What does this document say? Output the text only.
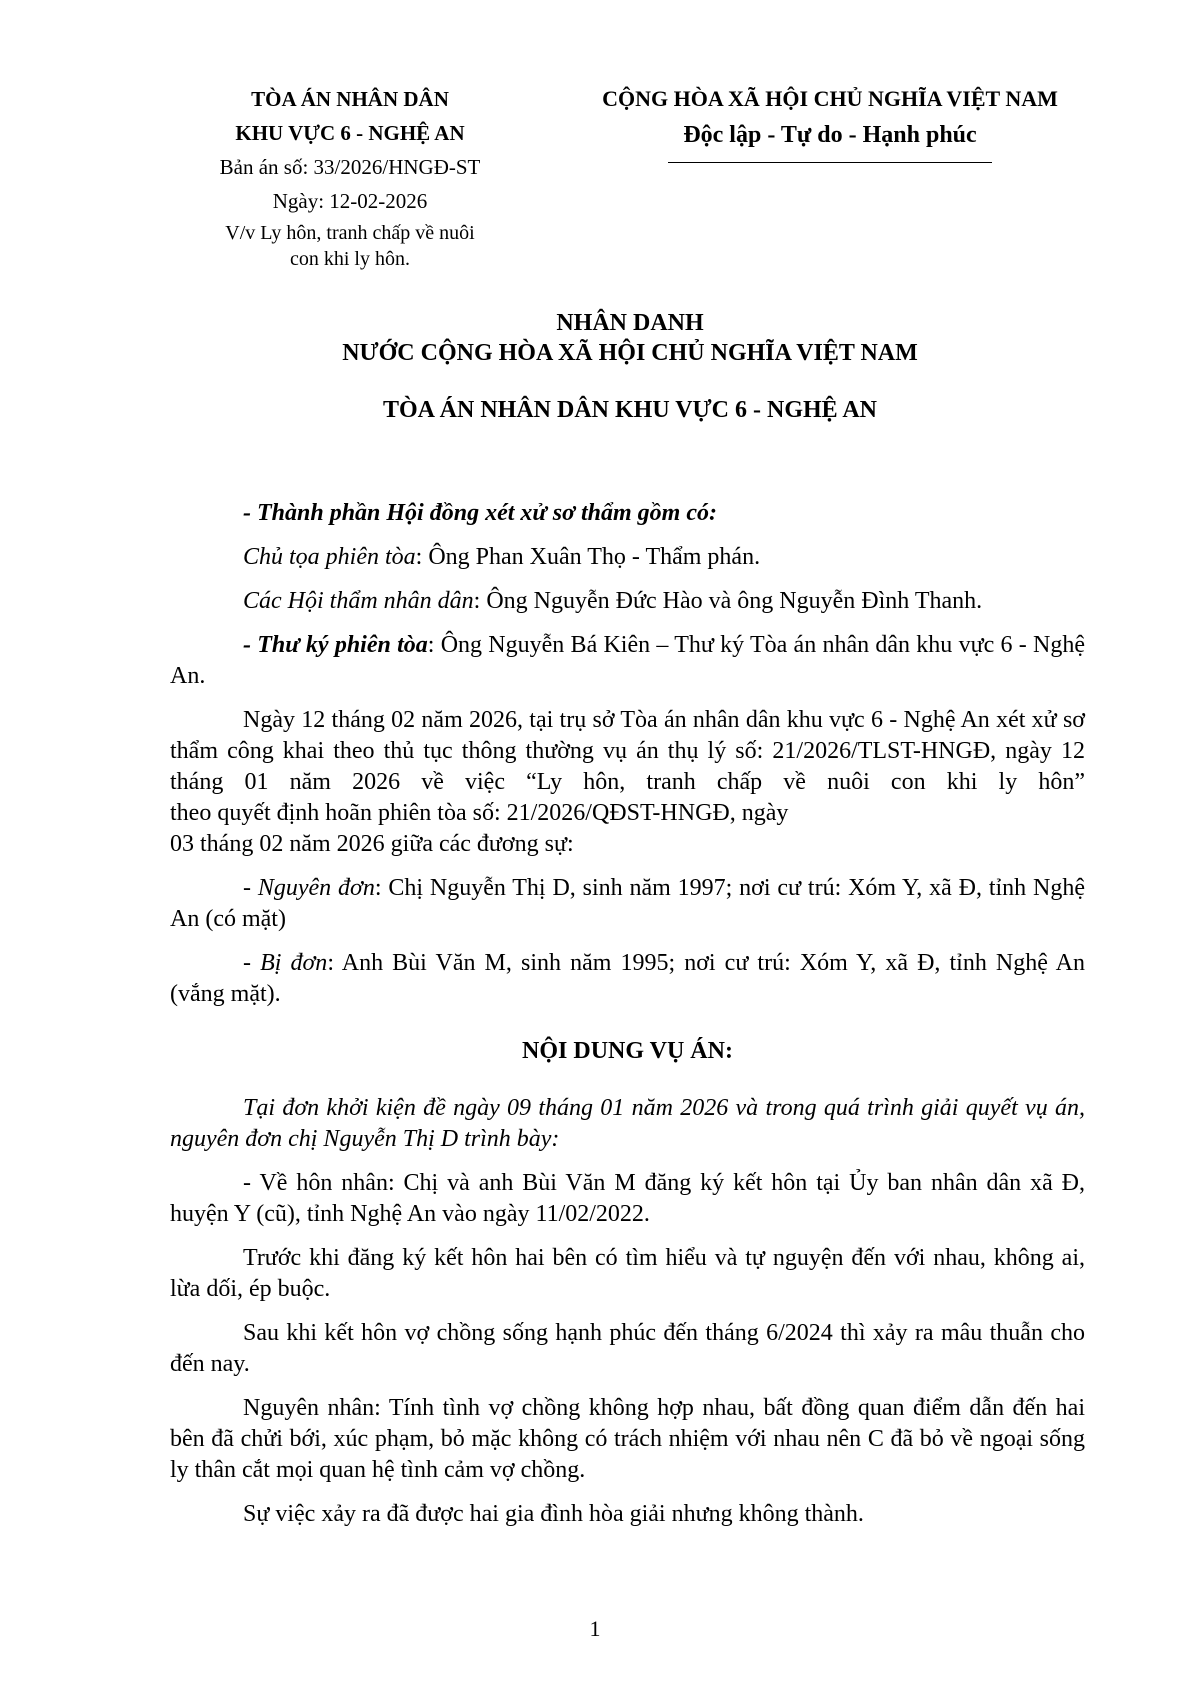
TÒA ÁN NHÂN DÂN
KHU VỰC 6 - NGHỆ AN
Bản án số: 33/2026/HNGĐ-ST
Ngày: 12-02-2026
V/v Ly hôn, tranh chấp về nuôi
con khi ly hôn.
CỘNG HÒA XÃ HỘI CHỦ NGHĨA VIỆT NAM
Độc lập - Tự do - Hạnh phúc
NHÂN DANH
NƯỚC CỘNG HÒA XÃ HỘI CHỦ NGHĨA VIỆT NAM
TÒA ÁN NHÂN DÂN KHU VỰC 6 - NGHỆ AN

- Thành phần Hội đồng xét xử sơ thẩm gồm có:

Chủ tọa phiên tòa: Ông Phan Xuân Thọ - Thẩm phán.

Các Hội thẩm nhân dân: Ông Nguyễn Đức Hào và ông Nguyễn Đình Thanh.

- Thư ký phiên tòa: Ông Nguyễn Bá Kiên – Thư ký Tòa án nhân dân khu vực 6 - Nghệ An.

Ngày 12 tháng 02 năm 2026, tại trụ sở Tòa án nhân dân khu vực 6 - Nghệ An xét xử sơ thẩm công khai theo thủ tục thông thường vụ án thụ lý số: 21/2026/TLST-HNGĐ, ngày 12 tháng 01 năm 2026 về việc “Ly hôn, tranh chấp về nuôi con khi ly hôn” theo quyết định hoãn phiên tòa số: 21/2026/QĐST-HNGĐ, ngày
03 tháng 02 năm 2026 giữa các đương sự:

- Nguyên đơn: Chị Nguyễn Thị D, sinh năm 1997; nơi cư trú: Xóm Y, xã Đ, tỉnh Nghệ An (có mặt)

- Bị đơn: Anh Bùi Văn M, sinh năm 1995; nơi cư trú: Xóm Y, xã Đ, tỉnh Nghệ An (vắng mặt).

NỘI DUNG VỤ ÁN:

Tại đơn khởi kiện đề ngày 09 tháng 01 năm 2026 và trong quá trình giải quyết vụ án, nguyên đơn chị Nguyễn Thị D trình bày:

- Về hôn nhân: Chị và anh Bùi Văn M đăng ký kết hôn tại Ủy ban nhân dân xã Đ, huyện Y (cũ), tỉnh Nghệ An vào ngày 11/02/2022.

Trước khi đăng ký kết hôn hai bên có tìm hiểu và tự nguyện đến với nhau, không ai, lừa dối, ép buộc.

Sau khi kết hôn vợ chồng sống hạnh phúc đến tháng 6/2024 thì xảy ra mâu thuẫn cho đến nay.

Nguyên nhân: Tính tình vợ chồng không hợp nhau, bất đồng quan điểm dẫn đến hai bên đã chửi bới, xúc phạm, bỏ mặc không có trách nhiệm với nhau nên C đã bỏ về ngoại sống ly thân cắt mọi quan hệ tình cảm vợ chồng.

Sự việc xảy ra đã được hai gia đình hòa giải nhưng không thành.

1
